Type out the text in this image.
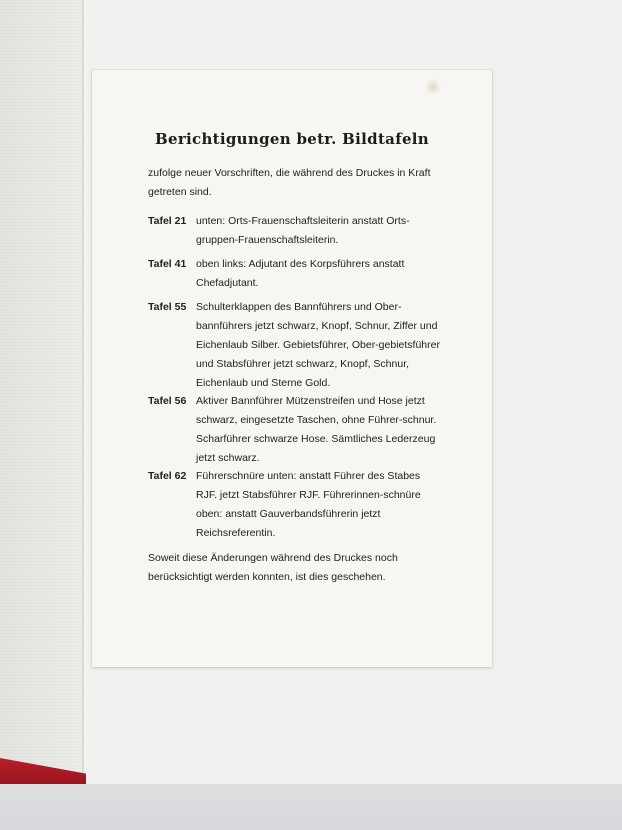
Berichtigungen betr. Bildtafeln
zufolge neuer Vorschriften, die während des Druckes in Kraft getreten sind.
Tafel 21 unten: Orts-Frauenschaftsleiterin anstatt Orts-gruppen-Frauenschaftsleiterin.
Tafel 41 oben links: Adjutant des Korpsführers anstatt Chefadjutant.
Tafel 55 Schulterklappen des Bannführers und Ober-bannführers jetzt schwarz, Knopf, Schnur, Ziffer und Eichenlaub Silber. Gebietsführer, Ober-gebietsführer und Stabsführer jetzt schwarz, Knopf, Schnur, Eichenlaub und Sterne Gold.
Tafel 56 Aktiver Bannführer Mützenstreifen und Hose jetzt schwarz, eingesetzte Taschen, ohne Führer-schnur. Scharführer schwarze Hose. Sämtliches Lederzeug jetzt schwarz.
Tafel 62 Führerschnüre unten: anstatt Führer des Stabes RJF. jetzt Stabsführer RJF. Führerinnen-schnüre oben: anstatt Gauverbandsführerin jetzt Reichsreferentin.
Soweit diese Änderungen während des Druckes noch berücksichtigt werden konnten, ist dies geschehen.
